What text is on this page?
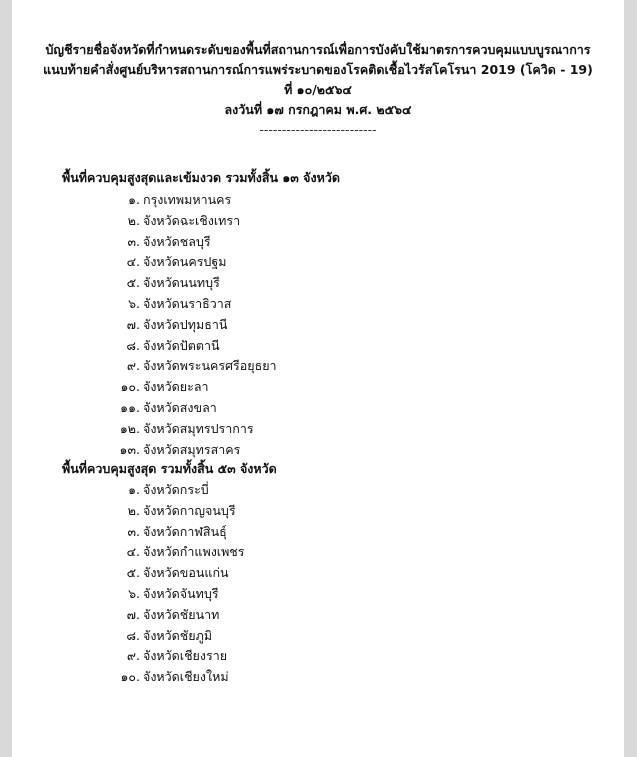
บัญชีรายชื่อจังหวัดที่กำหนดระดับของพื้นที่สถานการณ์เพื่อการบังคับใช้มาตรการควบคุมแบบบูรณาการ
แนบท้ายคำสั่งศูนย์บริหารสถานการณ์การแพร่ระบาดของโรคติดเชื้อไวรัสโคโรนา 2019 (โควิด - 19)
ที่ ๑๐/๒๕๖๔
ลงวันที่ ๑๗ กรกฎาคม พ.ศ. ๒๕๖๔
--------------------------
พื้นที่ควบคุมสูงสุดและเข้มงวด รวมทั้งสิ้น ๑๓ จังหวัด
๑. กรุงเทพมหานคร
๒. จังหวัดฉะเชิงเทรา
๓. จังหวัดชลบุรี
๔. จังหวัดนครปฐม
๕. จังหวัดนนทบุรี
๖. จังหวัดนราธิวาส
๗. จังหวัดปทุมธานี
๘. จังหวัดปัตตานี
๙. จังหวัดพระนครศรีอยุธยา
๑๐. จังหวัดยะลา
๑๑. จังหวัดสงขลา
๑๒. จังหวัดสมุทรปราการ
๑๓. จังหวัดสมุทรสาคร
พื้นที่ควบคุมสูงสุด รวมทั้งสิ้น ๕๓ จังหวัด
๑. จังหวัดกระบี่
๒. จังหวัดกาญจนบุรี
๓. จังหวัดกาฬสินธุ์
๔. จังหวัดกำแพงเพชร
๕. จังหวัดขอนแก่น
๖. จังหวัดจันทบุรี
๗. จังหวัดชัยนาท
๘. จังหวัดชัยภูมิ
๙. จังหวัดเชียงราย
๑๐. จังหวัดเชียงใหม่
